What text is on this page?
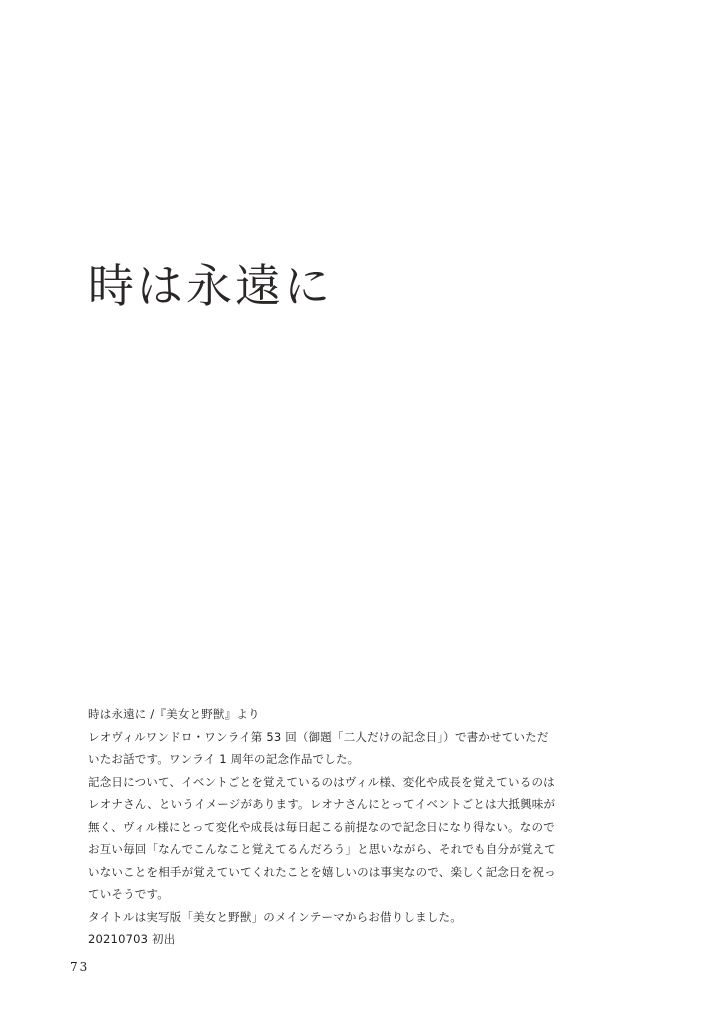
時は永遠に
時は永遠に /『美女と野獣』より
レオヴィルワンドロ・ワンライ第 53 回（御題「二人だけの記念日」）で書かせていただ
いたお話です。ワンライ 1 周年の記念作品でした。
記念日について、イベントごとを覚えているのはヴィル様、変化や成長を覚えているのは
レオナさん、というイメージがあります。レオナさんにとってイベントごとは大抵興味が
無く、ヴィル様にとって変化や成長は毎日起こる前提なので記念日になり得ない。なので
お互い毎回「なんでこんなこと覚えてるんだろう」と思いながら、それでも自分が覚えて
いないことを相手が覚えていてくれたことを嬉しいのは事実なので、楽しく記念日を祝っ
ていそうです。
タイトルは実写版「美女と野獣」のメインテーマからお借りしました。
20210703 初出
73
